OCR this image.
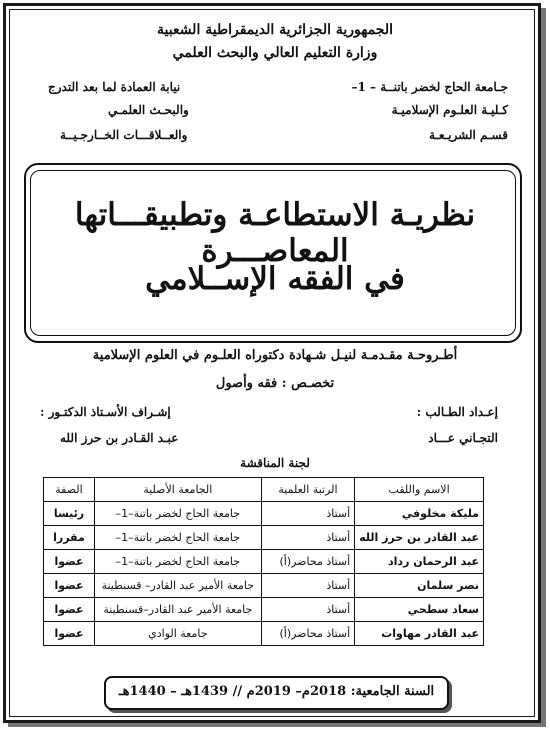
الجمهورية الجزائرية الديمقراطية الشعبية
وزارة التعليم العالي والبحث العلمي
جـامعة الحاج لخضر باتنــة – 1–
كـليـة العلـوم الإسلاميـة
قسـم الشريـعـة
نيابة العمادة لما بعد التدرج
والبحـث العلمـي
والعــلاقـــات الخــارجـيــة
نظريـة الاستطاعـة وتطبيقـــاتها المعاصـــرة
في الفقه الإســلامي
أطـروحـة مقـدمـة لنيـل شـهادة دكتوراه العلـوم في العلوم الإسلامية
تخصـص : فقه وأصول
إعـداد الطـالب :
التجـاني عـــاد
إشـراف الأسـتاذ الدكتـور :
عبـد القـادر بن حرز الله
لجنة المناقشة
الاسم واللقب	الرتبة العلمية	الجامعة الأصلية	الصفة
مليكة مخلوفي	أستاذ	جامعة الحاج لخضر باتنة–1–	رئيسا
عبد القادر بن حرز الله	أستاذ	جامعة الحاج لخضر باتنة–1–	مقررا
عبد الرحمان رداد	أستاذ محاضر(أ)	جامعة الحاج لخضر باتنة–1–	عضوا
نصر سلمان	أستاذ	جامعة الأمير عبد القادر– قسنطينة	عضوا
سعاد سطحي	أستاذ	جامعة الأمير عبد القادر–قسنطينة	عضوا
عبد القادر مهاوات	أستاذ محاضر(أ)	جامعة الوادي	عضوا
السنة الجامعية: 2018م– 2019م // 1439هـ – 1440هـ
